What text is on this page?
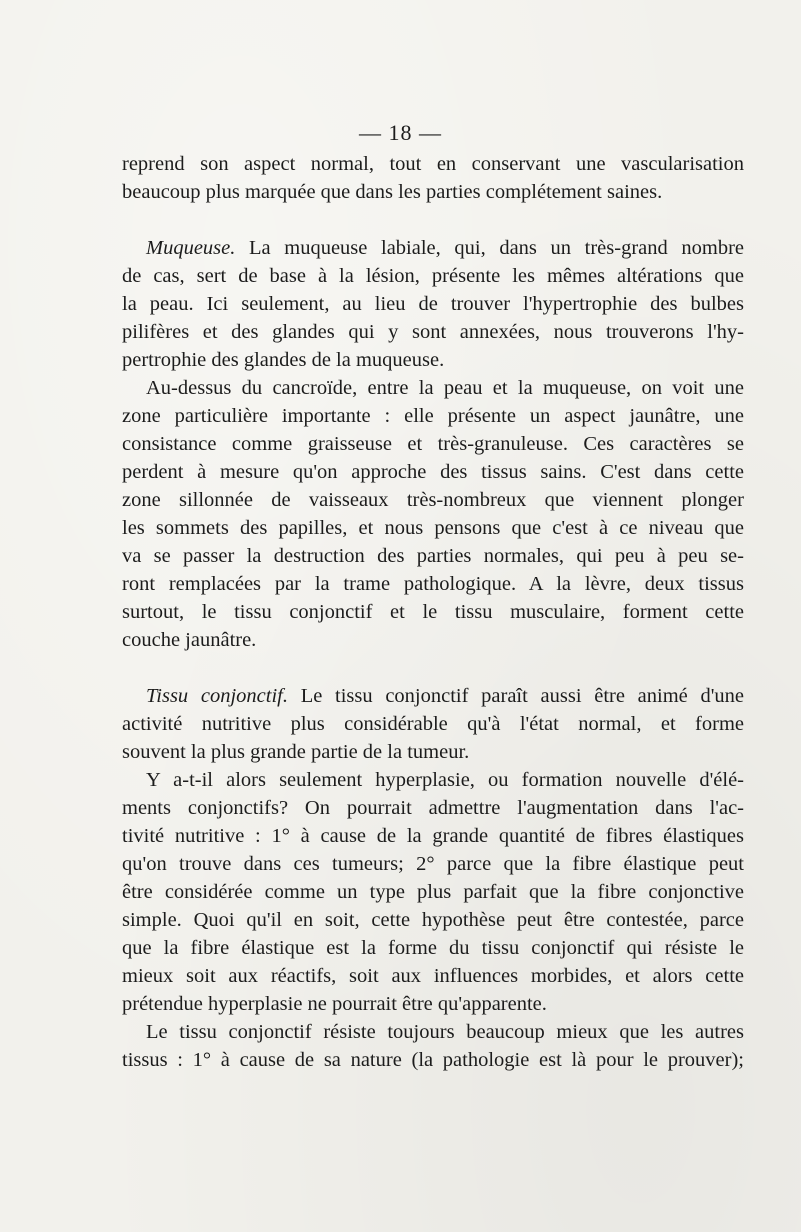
— 18 —
reprend son aspect normal, tout en conservant une vascularisation
beaucoup plus marquée que dans les parties complétement saines.
Muqueuse. La muqueuse labiale, qui, dans un très-grand nombre
de cas, sert de base à la lésion, présente les mêmes altérations que
la peau. Ici seulement, au lieu de trouver l'hypertrophie des bulbes
pilifères et des glandes qui y sont annexées, nous trouverons l'hy-
pertrophie des glandes de la muqueuse.
Au-dessus du cancroïde, entre la peau et la muqueuse, on voit une
zone particulière importante : elle présente un aspect jaunâtre, une
consistance comme graisseuse et très-granuleuse. Ces caractères se
perdent à mesure qu'on approche des tissus sains. C'est dans cette
zone sillonnée de vaisseaux très-nombreux que viennent plonger
les sommets des papilles, et nous pensons que c'est à ce niveau que
va se passer la destruction des parties normales, qui peu à peu se-
ront remplacées par la trame pathologique. A la lèvre, deux tissus
surtout, le tissu conjonctif et le tissu musculaire, forment cette
couche jaunâtre.
Tissu conjonctif. Le tissu conjonctif paraît aussi être animé d'une
activité nutritive plus considérable qu'à l'état normal, et forme
souvent la plus grande partie de la tumeur.
Y a-t-il alors seulement hyperplasie, ou formation nouvelle d'élé-
ments conjonctifs? On pourrait admettre l'augmentation dans l'ac-
tivité nutritive : 1° à cause de la grande quantité de fibres élastiques
qu'on trouve dans ces tumeurs; 2° parce que la fibre élastique peut
être considérée comme un type plus parfait que la fibre conjonctive
simple. Quoi qu'il en soit, cette hypothèse peut être contestée, parce
que la fibre élastique est la forme du tissu conjonctif qui résiste le
mieux soit aux réactifs, soit aux influences morbides, et alors cette
prétendue hyperplasie ne pourrait être qu'apparente.
Le tissu conjonctif résiste toujours beaucoup mieux que les autres
tissus : 1° à cause de sa nature (la pathologie est là pour le prouver);
